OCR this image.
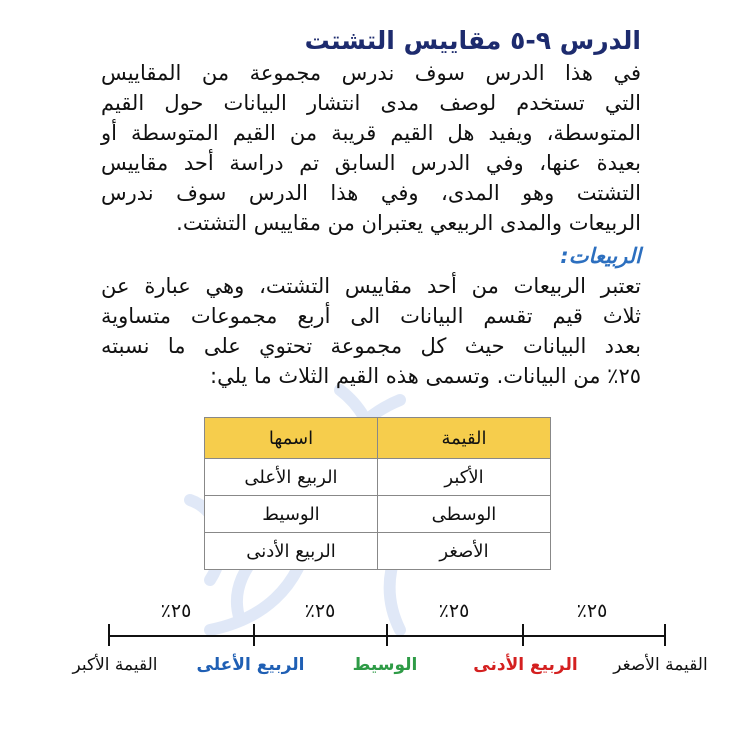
الدرس ٩-٥ مقاييس التشتت
في هذا الدرس سوف ندرس مجموعة من المقاييس
التي تستخدم لوصف مدى انتشار البيانات حول القيم
المتوسطة، ويفيد هل القيم قريبة من القيم المتوسطة أو
بعيدة عنها، وفي الدرس السابق تم دراسة أحد مقاييس
التشتت وهو المدى، وفي هذا الدرس سوف ندرس
الربيعات والمدى الربيعي يعتبران من مقاييس التشتت.
الربيعات:
تعتبر الربيعات من أحد مقاييس التشتت، وهي عبارة عن
ثلاث قيم تقسم البيانات الى أربع مجموعات متساوية
بعدد البيانات حيث كل مجموعة تحتوي على ما نسبته
٢٥٪ من البيانات. وتسمى هذه القيم الثلاث ما يلي:
القيمة	اسمها
الأكبر	الربيع الأعلى
الوسطى	الوسيط
الأصغر	الربيع الأدنى
٢٥٪	٢٥٪	٢٥٪	٢٥٪
القيمة الأكبر	الربيع الأعلى	الوسيط	الربيع الأدنى	القيمة الأصغر
